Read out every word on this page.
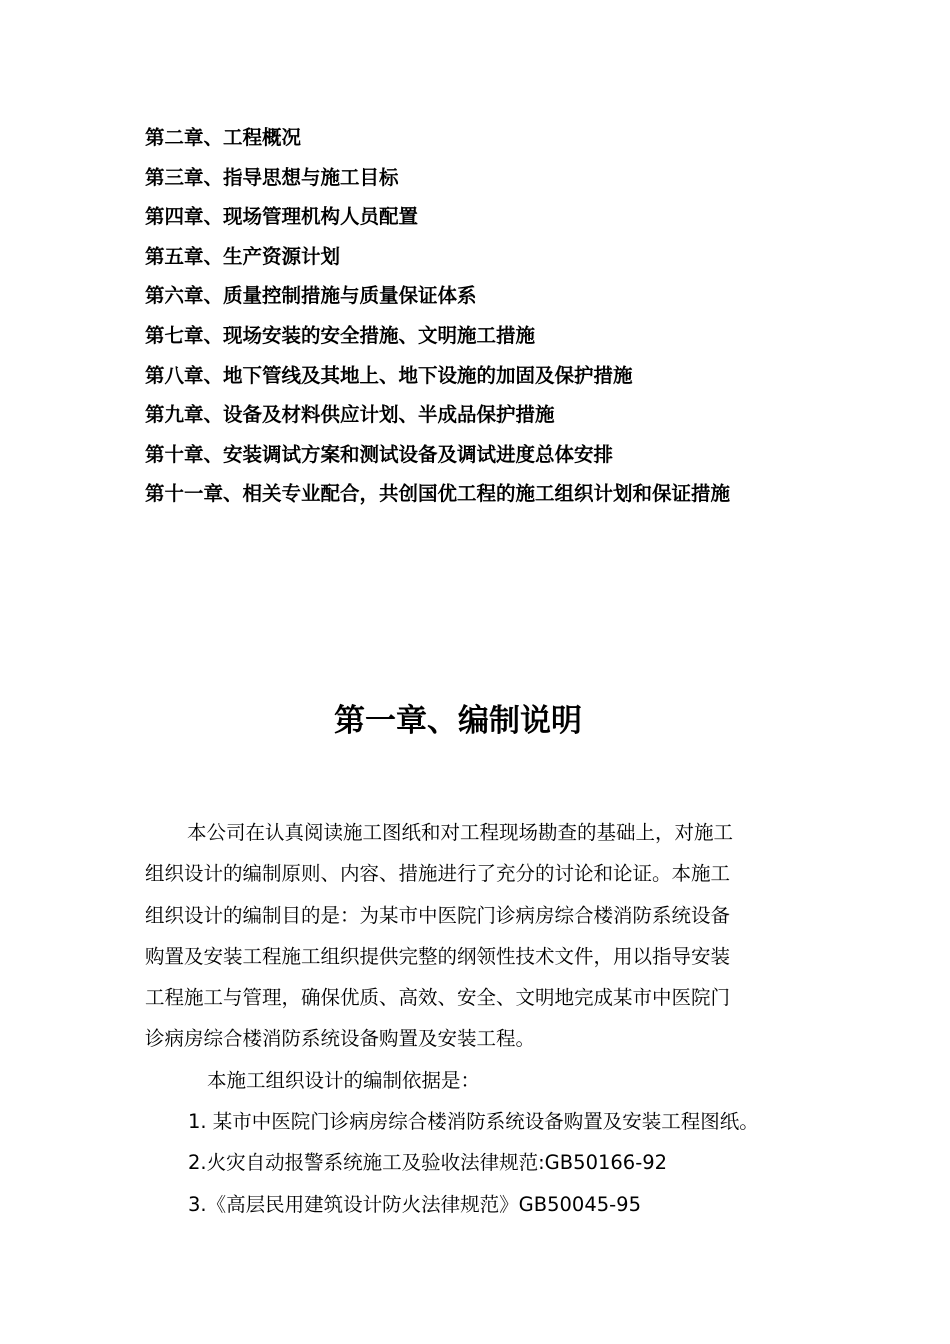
第二章、工程概况
第三章、指导思想与施工目标
第四章、现场管理机构人员配置
第五章、生产资源计划
第六章、质量控制措施与质量保证体系
第七章、现场安装的安全措施、文明施工措施
第八章、地下管线及其地上、地下设施的加固及保护措施
第九章、设备及材料供应计划、半成品保护措施
第十章、安装调试方案和测试设备及调试进度总体安排
第十一章、相关专业配合，共创国优工程的施工组织计划和保证措施
第一章、编制说明
本公司在认真阅读施工图纸和对工程现场勘查的基础上，对施工
组织设计的编制原则、内容、措施进行了充分的讨论和论证。本施工
组织设计的编制目的是：为某市中医院门诊病房综合楼消防系统设备
购置及安装工程施工组织提供完整的纲领性技术文件，用以指导安装
工程施工与管理，确保优质、高效、安全、文明地完成某市中医院门
诊病房综合楼消防系统设备购置及安装工程。
本施工组织设计的编制依据是：
1. 某市中医院门诊病房综合楼消防系统设备购置及安装工程图纸。
2.火灾自动报警系统施工及验收法律规范:GB50166-92
3.《高层民用建筑设计防火法律规范》GB50045-95
